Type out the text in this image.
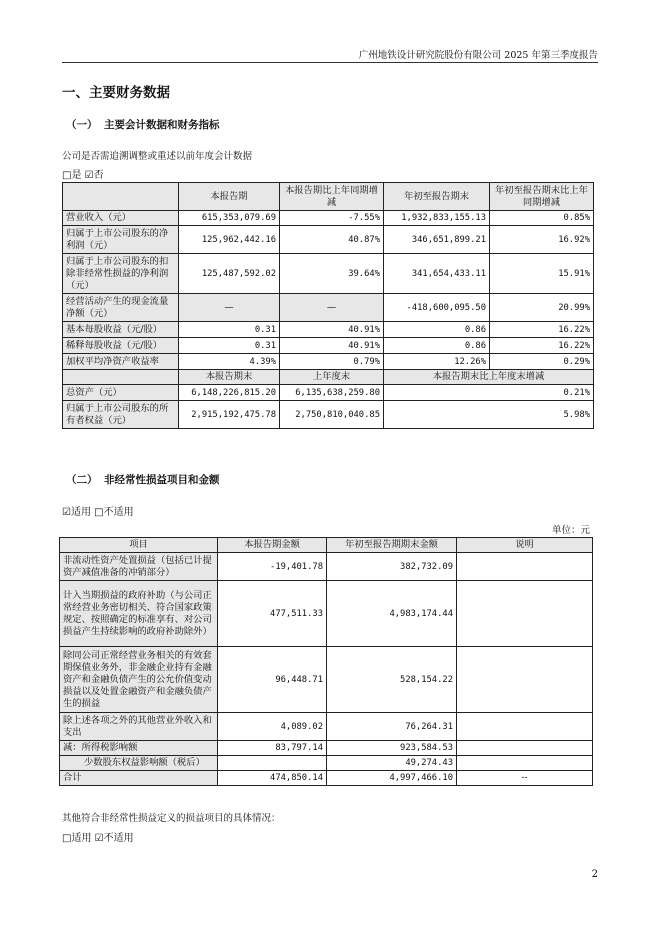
广州地铁设计研究院股份有限公司 2025 年第三季度报告
一、主要财务数据
（一） 主要会计数据和财务指标
公司是否需追溯调整或重述以前年度会计数据
□是 ☑否
	本报告期	本报告期比上年同期增减	年初至报告期末	年初至报告期末比上年同期增减
营业收入（元）	615,353,079.69	-7.55%	1,932,833,155.13	0.85%
归属于上市公司股东的净利润（元）	125,962,442.16	40.87%	346,651,899.21	16.92%
归属于上市公司股东的扣除非经常性损益的净利润（元）	125,487,592.02	39.64%	341,654,433.11	15.91%
经营活动产生的现金流量净额（元）	—	—	-418,600,095.50	20.99%
基本每股收益（元/股）	0.31	40.91%	0.86	16.22%
稀释每股收益（元/股）	0.31	40.91%	0.86	16.22%
加权平均净资产收益率	4.39%	0.79%	12.26%	0.29%
	本报告期末	上年度末	本报告期末比上年度末增减	
总资产（元）	6,148,226,815.20	6,135,638,259.80	0.21%	
归属于上市公司股东的所有者权益（元）	2,915,192,475.78	2,750,810,040.85	5.98%	
（二） 非经常性损益项目和金额
☑适用 □不适用
单位：元
项目	本报告期金额	年初至报告期期末金额	说明
非流动性资产处置损益（包括已计提资产减值准备的冲销部分）	-19,401.78	382,732.09	
计入当期损益的政府补助（与公司正常经营业务密切相关、符合国家政策规定、按照确定的标准享有、对公司损益产生持续影响的政府补助除外）	477,511.33	4,983,174.44	
除同公司正常经营业务相关的有效套期保值业务外，非金融企业持有金融资产和金融负债产生的公允价值变动损益以及处置金融资产和金融负债产生的损益	96,448.71	528,154.22	
除上述各项之外的其他营业外收入和支出	4,089.02	76,264.31	
减：所得税影响额	83,797.14	923,584.53	
少数股东权益影响额（税后）		49,274.43	
合计	474,850.14	4,997,466.10	--
其他符合非经常性损益定义的损益项目的具体情况：
□适用 ☑不适用
2
